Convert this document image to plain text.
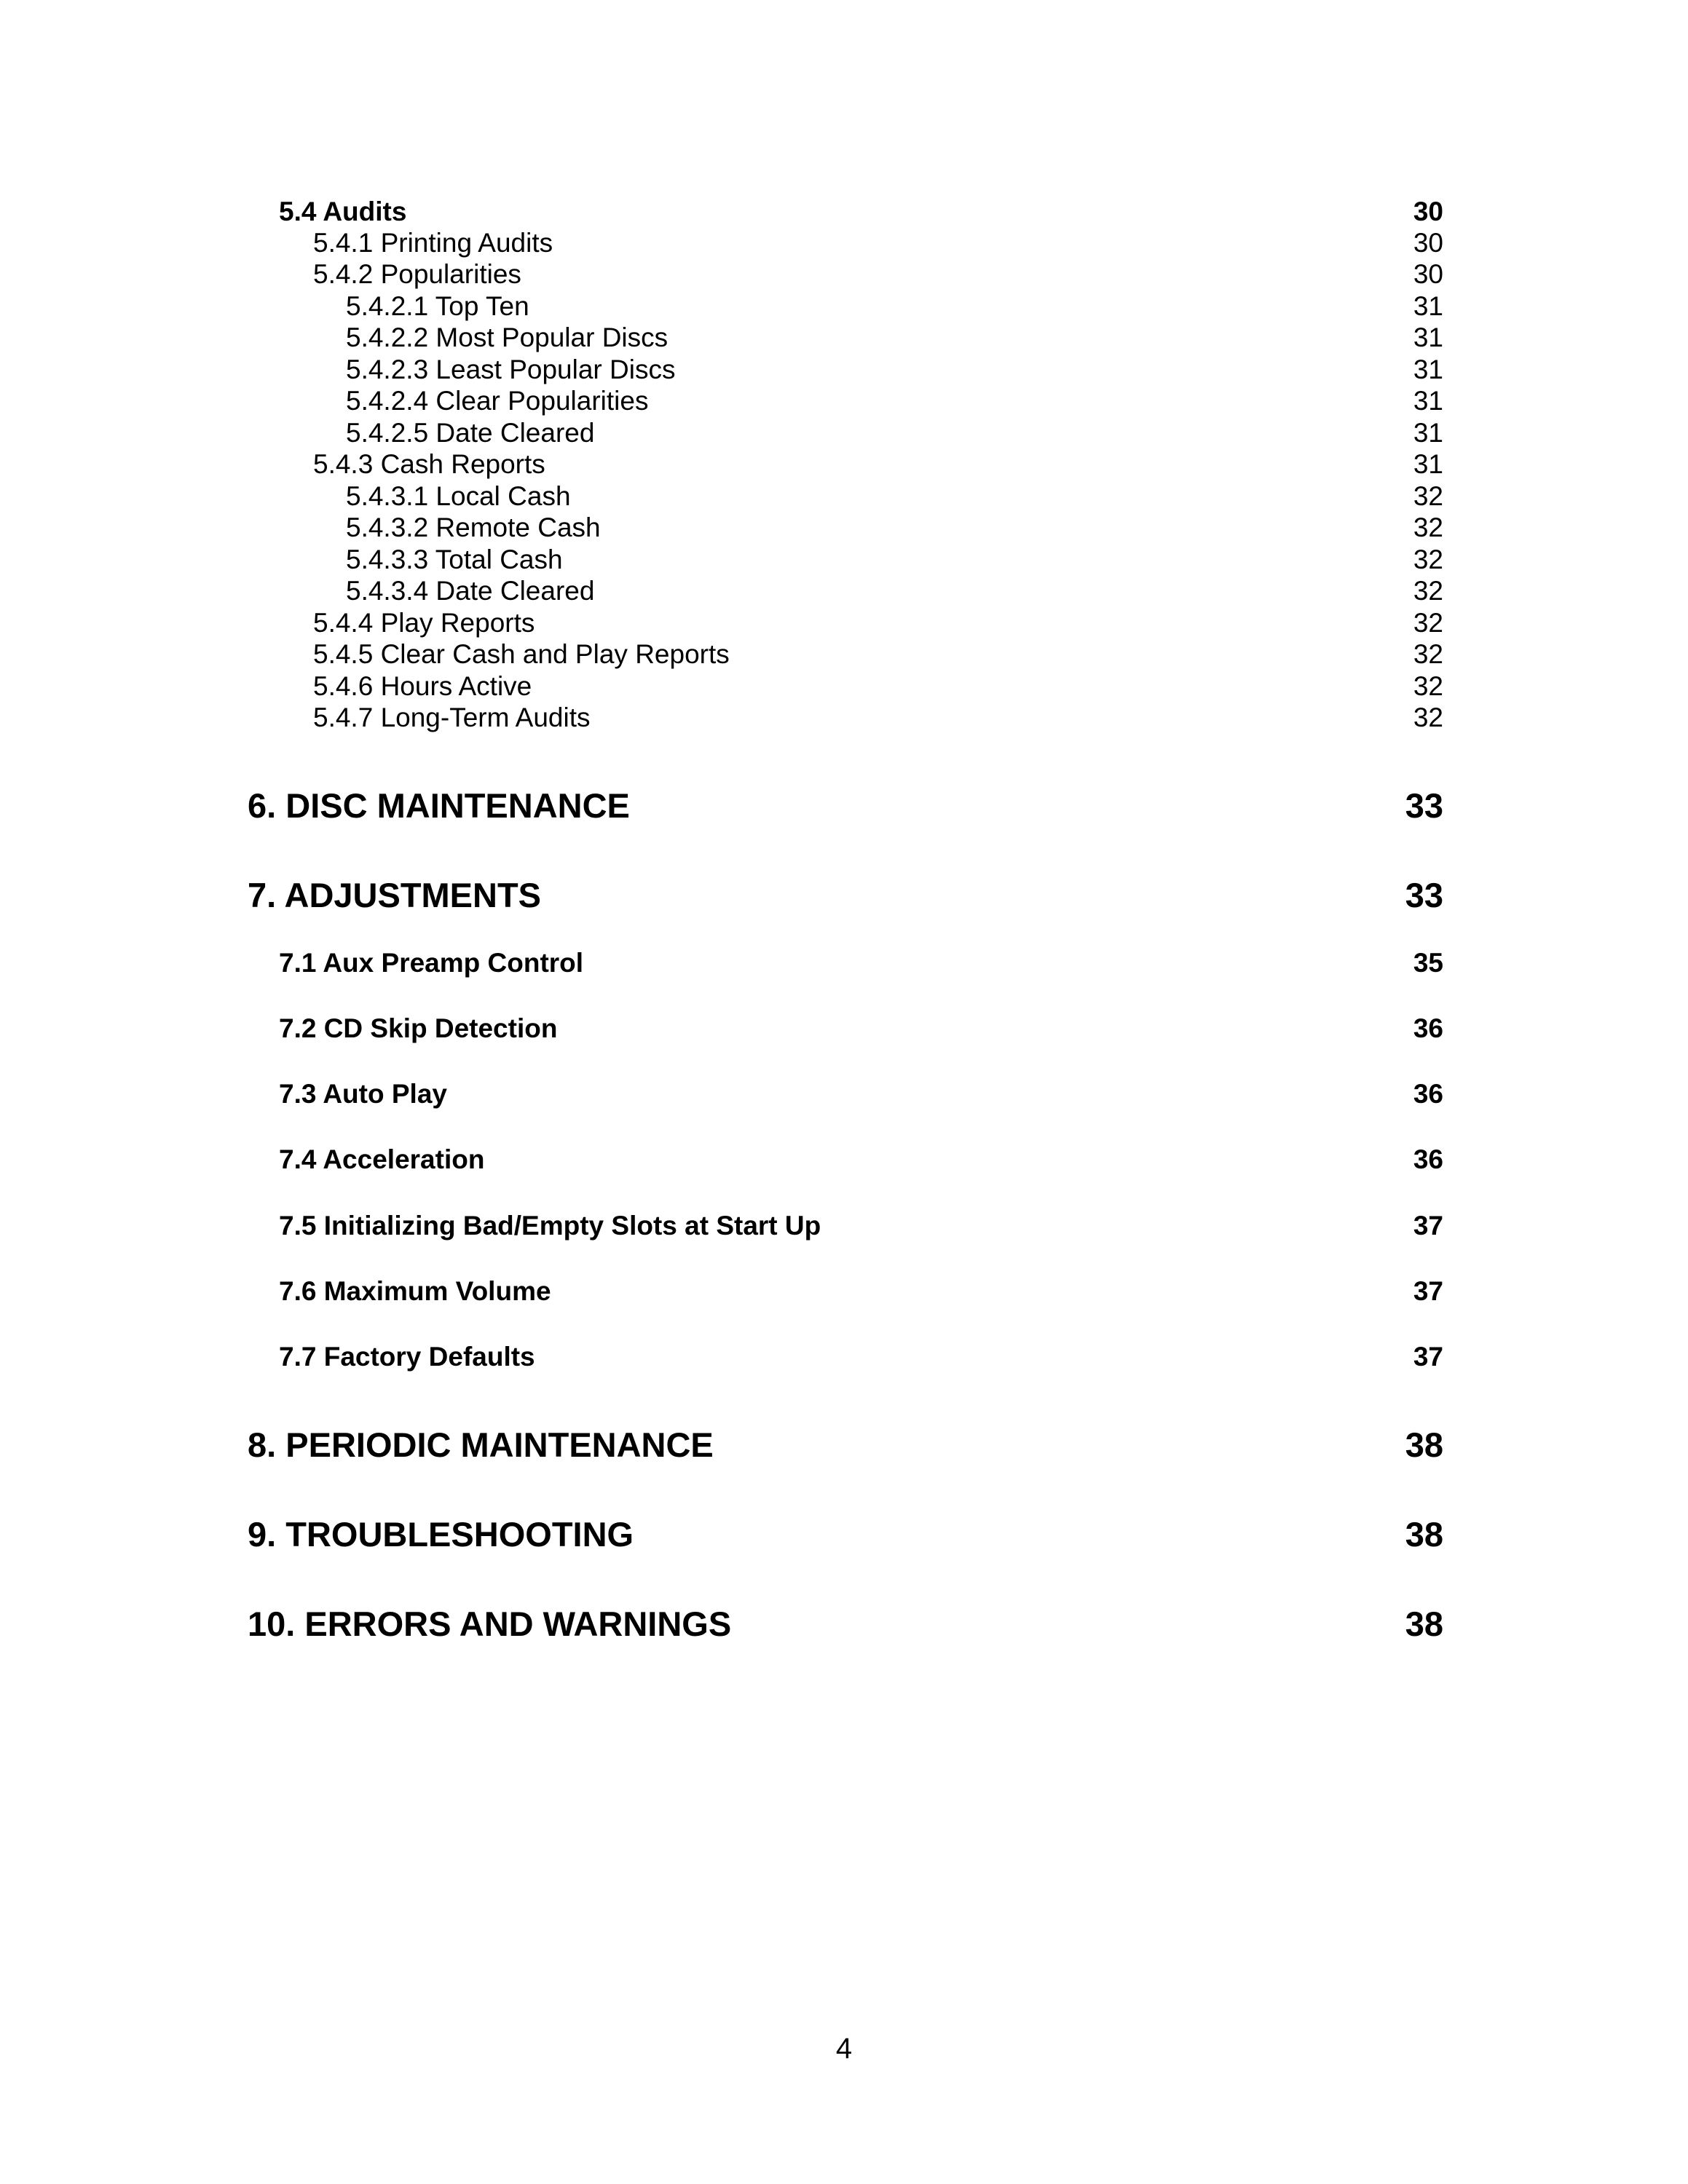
5.4 Audits	30
5.4.1 Printing Audits	30
5.4.2 Popularities	30
5.4.2.1 Top Ten	31
5.4.2.2 Most Popular Discs	31
5.4.2.3 Least Popular Discs	31
5.4.2.4 Clear Popularities	31
5.4.2.5 Date Cleared	31
5.4.3 Cash Reports	31
5.4.3.1 Local Cash	32
5.4.3.2 Remote Cash	32
5.4.3.3 Total Cash	32
5.4.3.4 Date Cleared	32
5.4.4 Play Reports	32
5.4.5 Clear Cash and Play Reports	32
5.4.6 Hours Active	32
5.4.7 Long-Term Audits	32
6. DISC MAINTENANCE	33
7. ADJUSTMENTS	33
7.1 Aux Preamp Control	35
7.2 CD Skip Detection	36
7.3 Auto Play	36
7.4 Acceleration	36
7.5 Initializing Bad/Empty Slots at Start Up	37
7.6 Maximum Volume	37
7.7 Factory Defaults	37
8. PERIODIC MAINTENANCE	38
9. TROUBLESHOOTING	38
10. ERRORS AND WARNINGS	38
4
